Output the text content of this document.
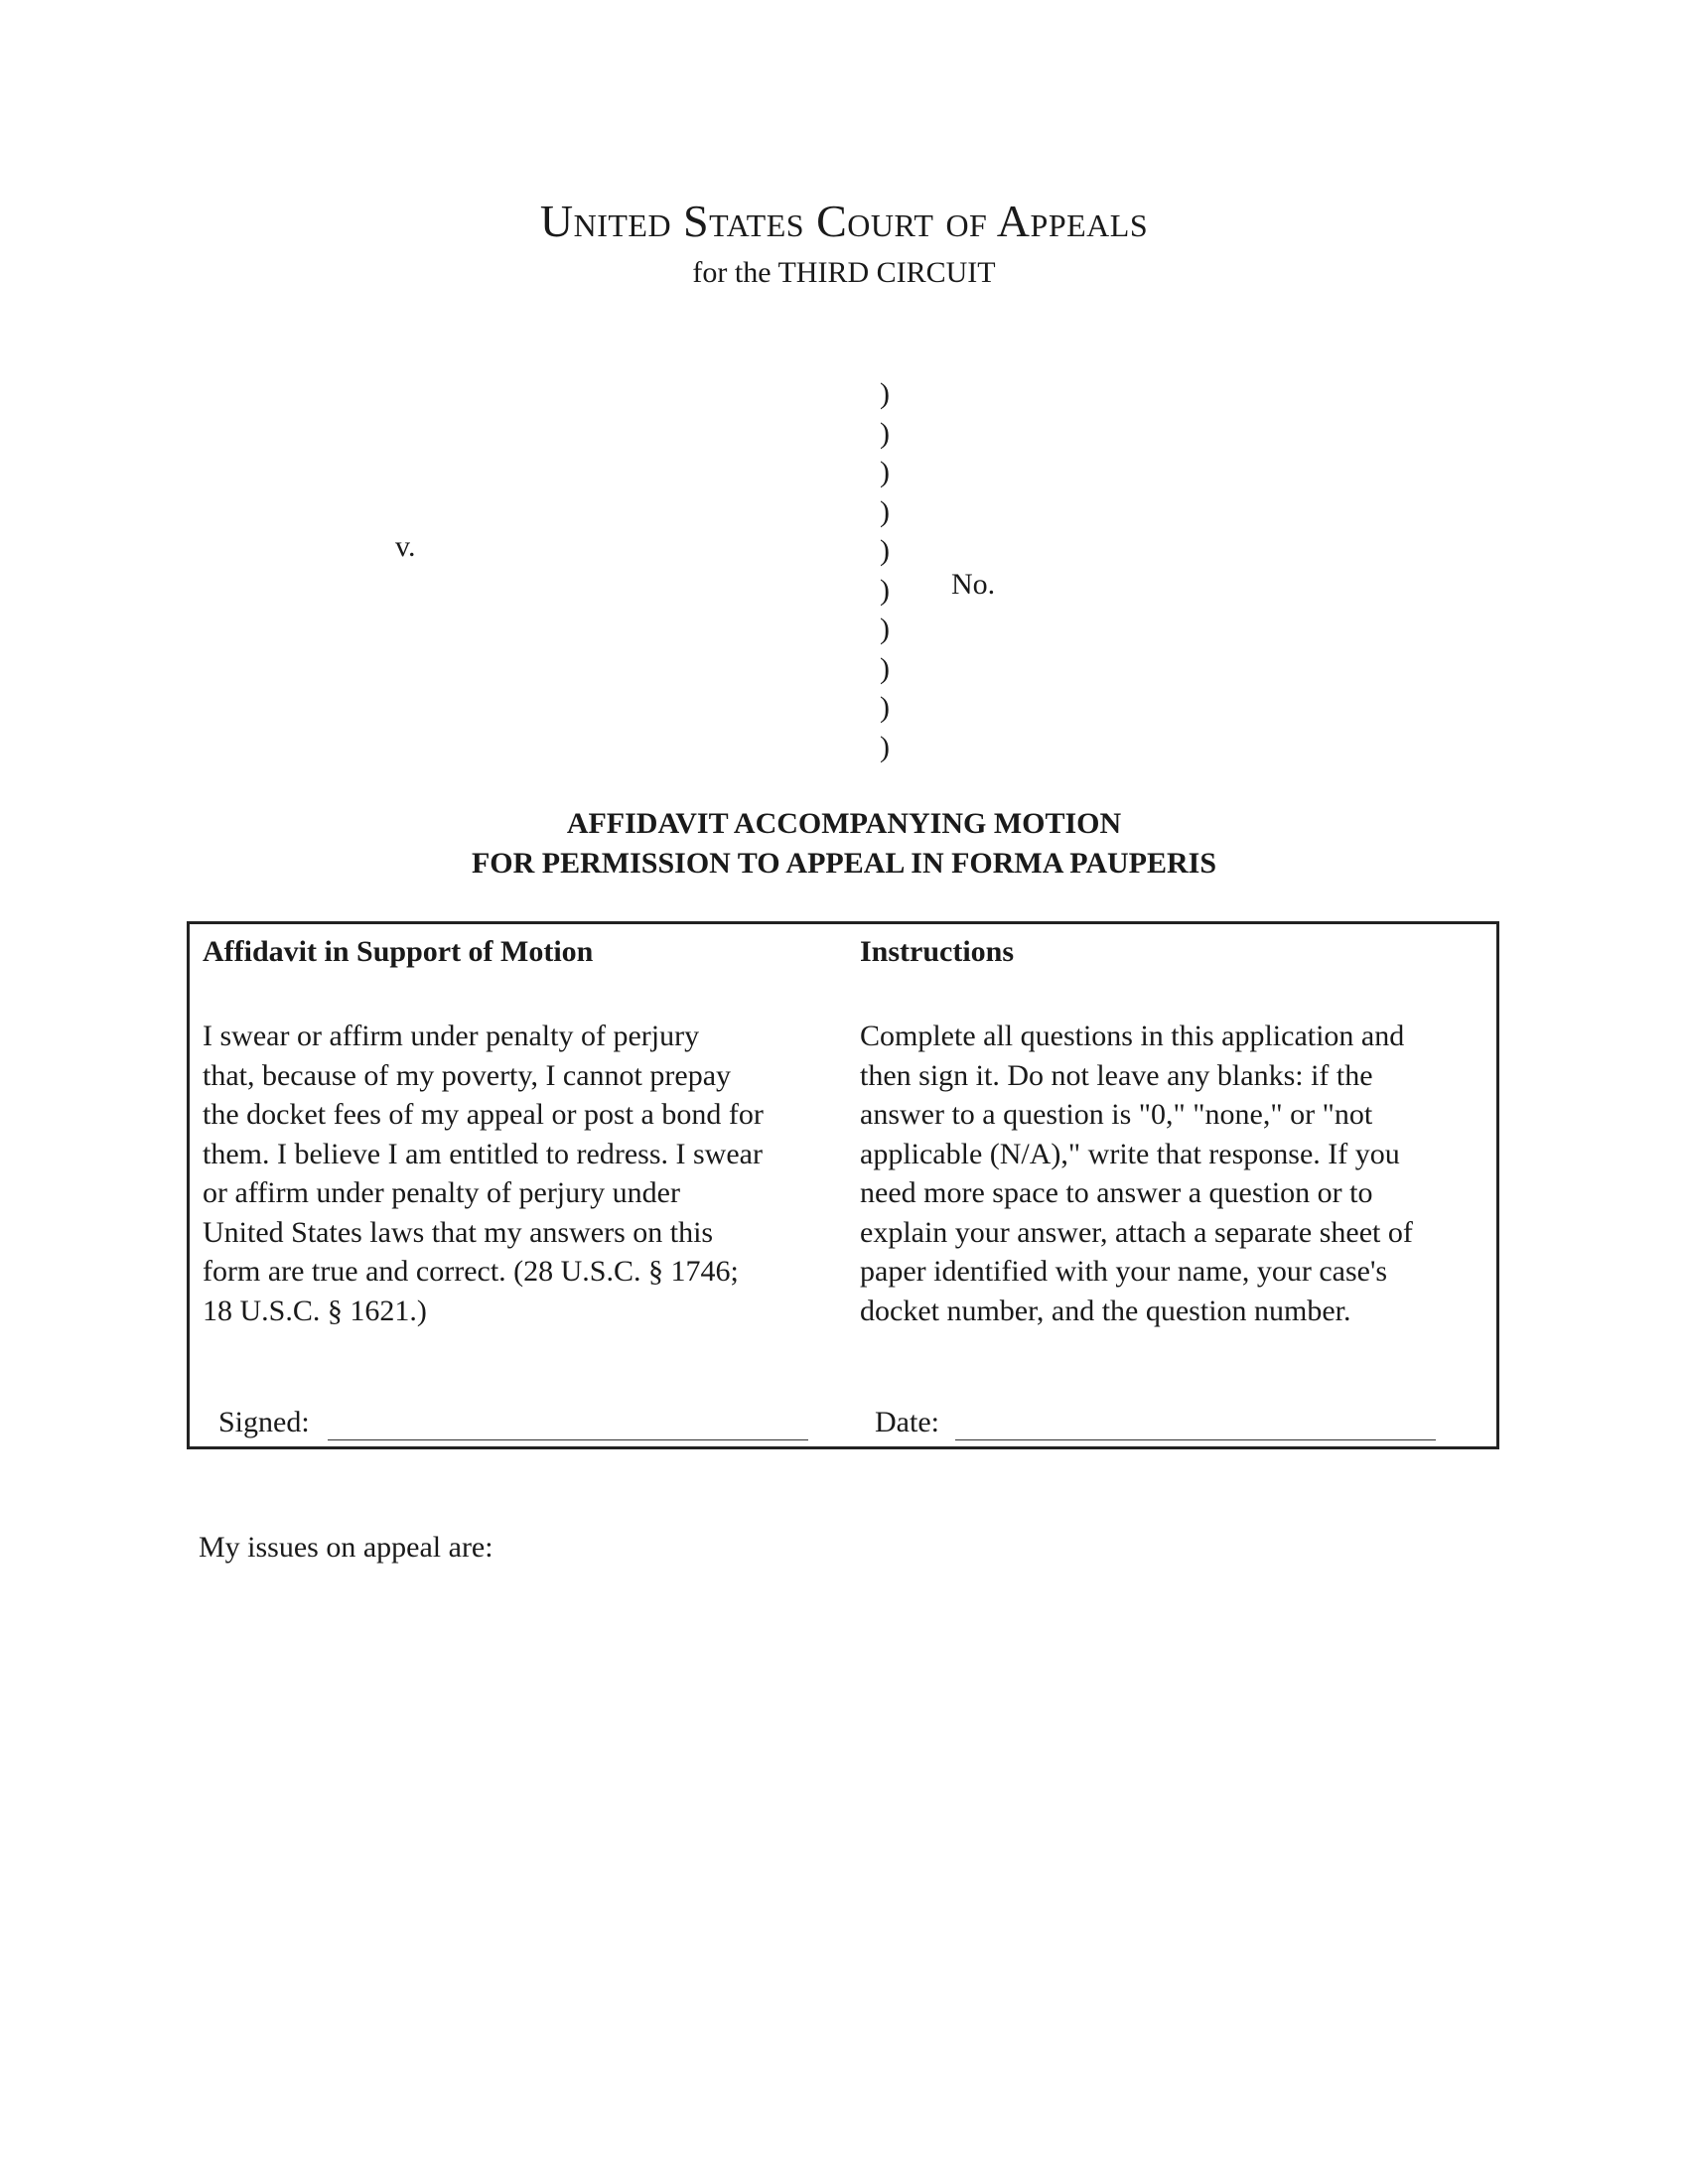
United States Court of Appeals
for the THIRD CIRCUIT
v.
)
)
)
)
)
)
)
)
)
)
No.
AFFIDAVIT ACCOMPANYING MOTION
FOR PERMISSION TO APPEAL IN FORMA PAUPERIS
Affidavit in Support of Motion	Instructions
I swear or affirm under penalty of perjury
that, because of my poverty, I cannot prepay
the docket fees of my appeal or post a bond for
them. I believe I am entitled to redress. I swear
or affirm under penalty of perjury under
United States laws that my answers on this
form are true and correct. (28 U.S.C. § 1746;
18 U.S.C. § 1621.)
Complete all questions in this application and
then sign it. Do not leave any blanks: if the
answer to a question is "0," "none," or "not
applicable (N/A)," write that response. If you
need more space to answer a question or to
explain your answer, attach a separate sheet of
paper identified with your name, your case's
docket number, and the question number.
Signed:	Date:
My issues on appeal are:
